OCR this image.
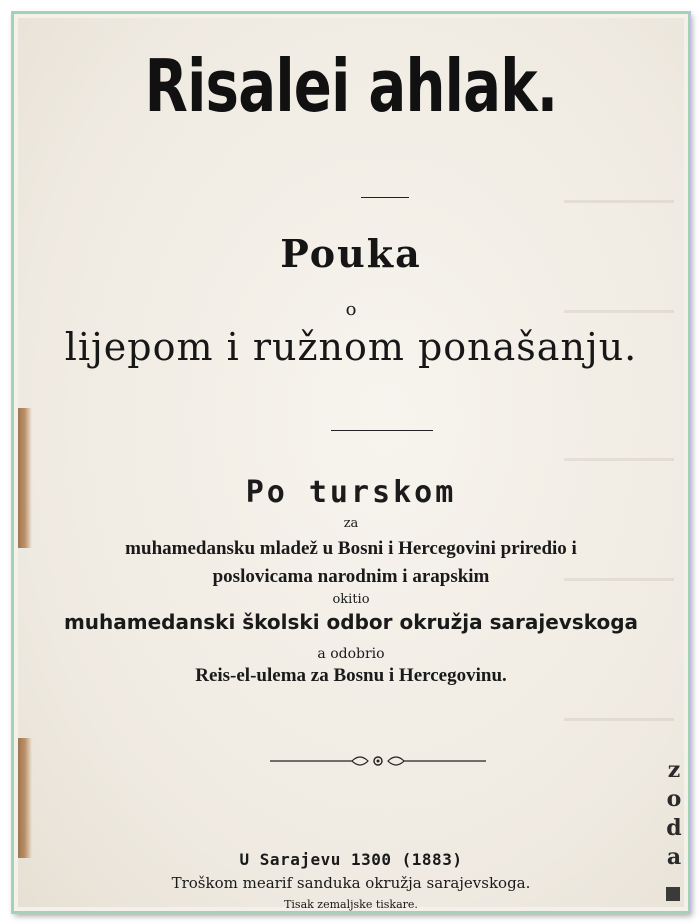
Risalei ahlak.
Pouka
o
lijepom i ružnom ponašanju.
Po turskom
za
muhamedansku mladež u Bosni i Hercegovini priredio i
poslovicama narodnim i arapskim
okitio
muhamedanski školski odbor okružja sarajevskoga
a odobrio
Reis-el-ulema za Bosnu i Hercegovinu.
U Sarajevu 1300 (1883)
Troškom mearif sanduka okružja sarajevskoga.
Tisak zemaljske tiskare.
z
o
d
a
